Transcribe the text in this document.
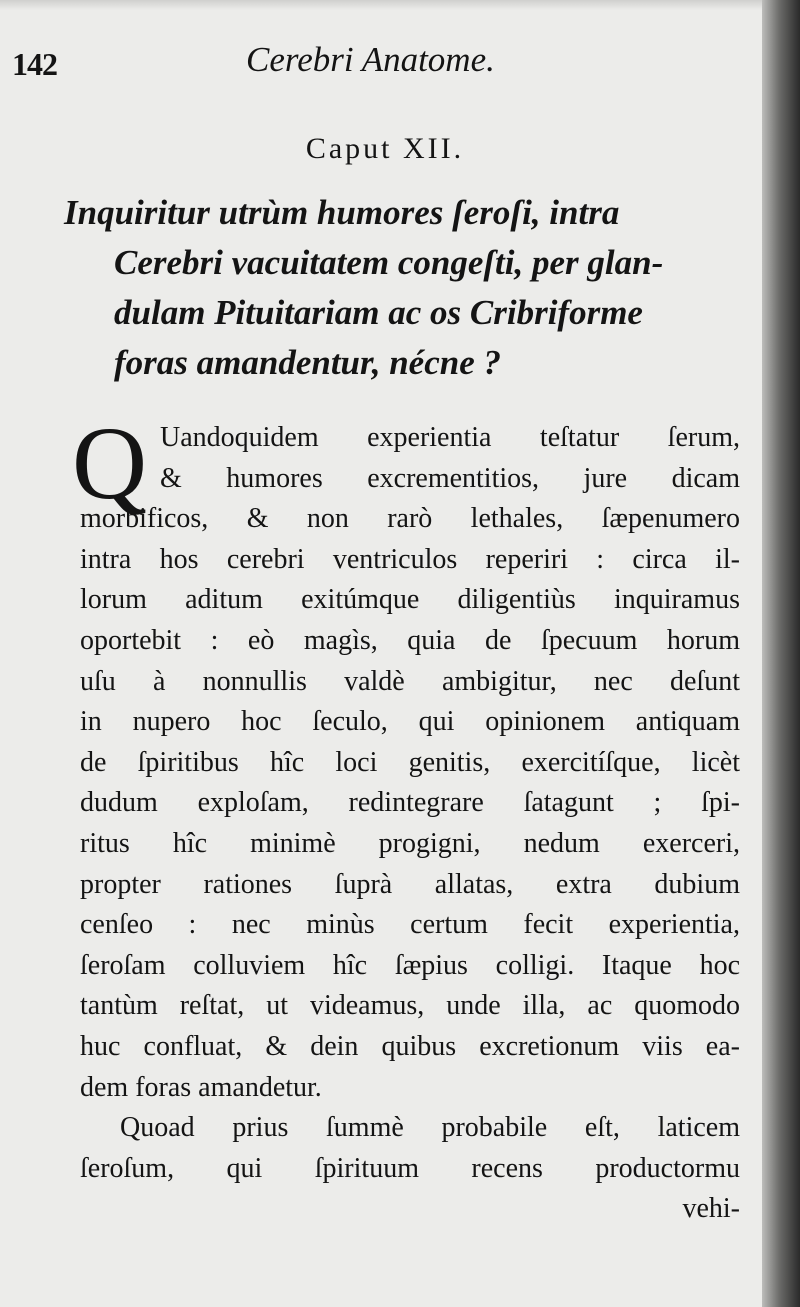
142	Cerebri Anatome.
Caput XII.
Inquiritur utrùm humores ſeroſi, intra
Cerebri vacuitatem congeſti, per glan-
dulam Pituitariam ac os Cribriforme
foras amandentur, nécne ?
Q Uandoquidem experientia teſtatur ſerum,
& humores excrementitios, jure dicam
morbificos, & non rarò lethales, ſæpenumero
intra hos cerebri ventriculos reperiri : circa il-
lorum aditum exitúmque diligentiùs inquiramus
oportebit : eò magìs, quia de ſpecuum horum
uſu à nonnullis valdè ambigitur, nec deſunt
in nupero hoc ſeculo, qui opinionem antiquam
de ſpiritibus hîc loci genitis, exercitíſque, licèt
dudum exploſam, redintegrare ſatagunt ; ſpi-
ritus hîc minimè progigni, nedum exerceri,
propter rationes ſuprà allatas, extra dubium
cenſeo : nec minùs certum fecit experientia,
ſeroſam colluviem hîc ſæpius colligi. Itaque hoc
tantùm reſtat, ut videamus, unde illa, ac quomodo
huc confluat, & dein quibus excretionum viis ea-
dem foras amandetur.
Quoad prius ſummè probabile eſt, laticem
ſeroſum, qui ſpirituum recens productormu
vehi-
